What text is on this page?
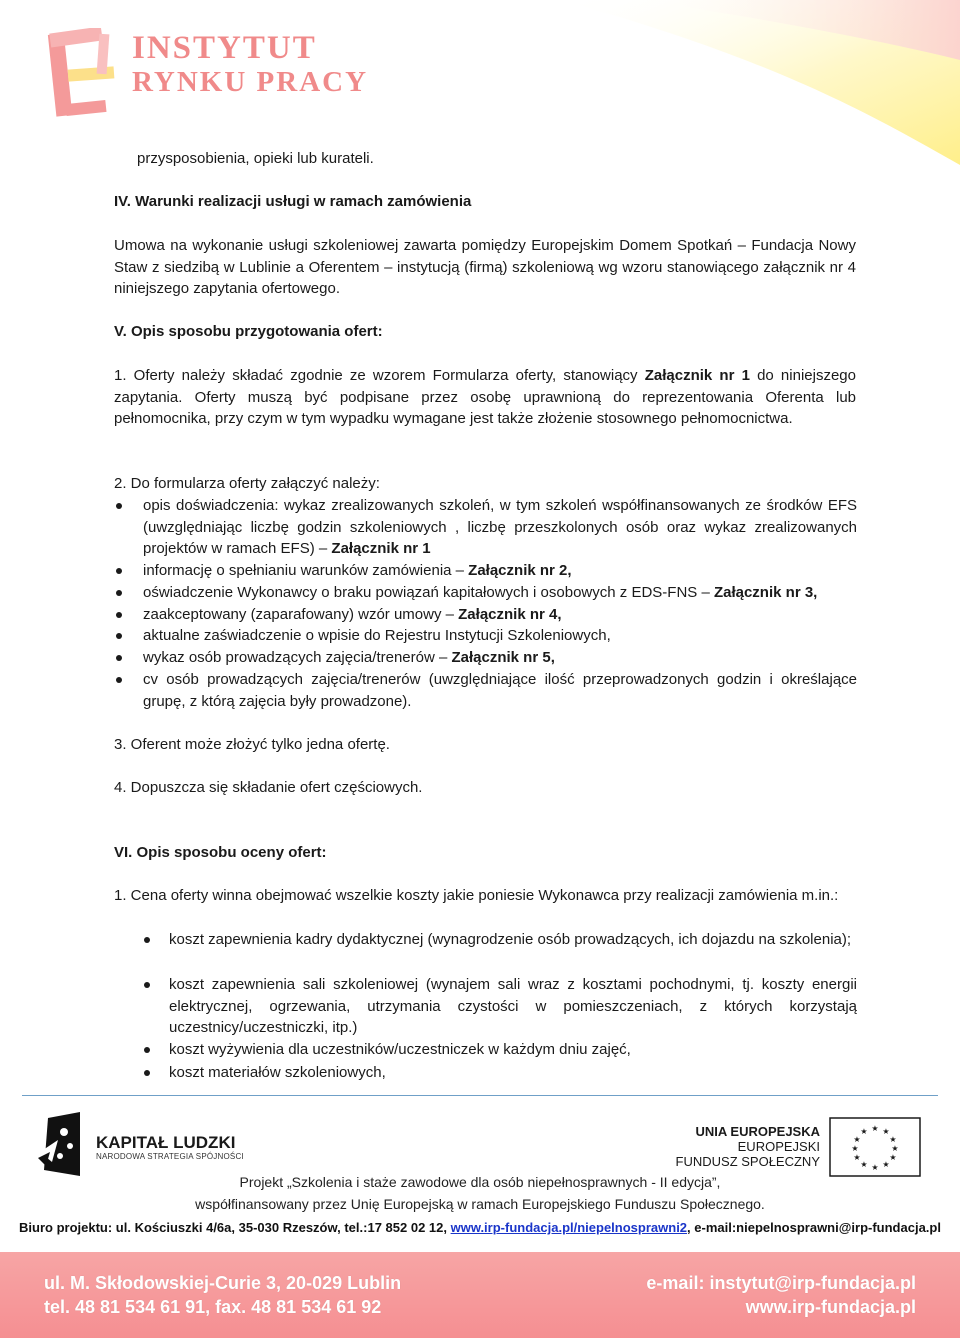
INSTYTUT
RYNKU PRACY
przysposobienia, opieki lub kurateli.
IV. Warunki realizacji usługi w ramach zamówienia
Umowa na wykonanie usługi szkoleniowej zawarta pomiędzy Europejskim Domem Spotkań – Fundacja Nowy Staw z siedzibą w Lublinie a Oferentem – instytucją (firmą) szkoleniową wg wzoru stanowiącego załącznik nr 4 niniejszego zapytania ofertowego.
V. Opis sposobu przygotowania ofert:
1. Oferty należy składać zgodnie ze wzorem Formularza oferty, stanowiący Załącznik nr 1 do niniejszego zapytania. Oferty muszą być podpisane przez osobę uprawnioną do reprezentowania Oferenta lub pełnomocnika, przy czym w tym wypadku wymagane jest także złożenie stosownego pełnomocnictwa.
2. Do formularza oferty załączyć należy:
opis doświadczenia: wykaz zrealizowanych szkoleń, w tym szkoleń współfinansowanych ze środków EFS (uwzględniając liczbę godzin szkoleniowych , liczbę przeszkolonych osób oraz wykaz zrealizowanych projektów w ramach EFS) – Załącznik nr 1
informację o spełnianiu warunków zamówienia – Załącznik nr 2,
oświadczenie Wykonawcy o braku powiązań kapitałowych i osobowych z EDS-FNS – Załącznik nr 3,
zaakceptowany (zaparafowany) wzór umowy – Załącznik nr 4,
aktualne zaświadczenie o wpisie do Rejestru Instytucji Szkoleniowych,
wykaz osób prowadzących zajęcia/trenerów – Załącznik nr 5,
cv osób prowadzących zajęcia/trenerów (uwzględniające ilość przeprowadzonych godzin i określające grupę, z którą zajęcia były prowadzone).
3. Oferent może złożyć tylko jedna ofertę.
4. Dopuszcza się składanie ofert częściowych.
VI. Opis sposobu oceny ofert:
1. Cena oferty winna obejmować wszelkie koszty jakie poniesie Wykonawca przy realizacji zamówienia m.in.:
koszt zapewnienia kadry dydaktycznej (wynagrodzenie osób prowadzących, ich dojazdu na szkolenia);
koszt zapewnienia sali szkoleniowej (wynajem sali wraz z kosztami pochodnymi, tj. koszty energii elektrycznej, ogrzewania, utrzymania czystości w pomieszczeniach, z których korzystają uczestnicy/uczestniczki, itp.)
koszt wyżywienia dla uczestników/uczestniczek w każdym dniu zajęć,
koszt materiałów szkoleniowych,
KAPITAŁ LUDZKI
NARODOWA STRATEGIA SPÓJNOŚCI
UNIA EUROPEJSKA
EUROPEJSKI
FUNDUSZ SPOŁECZNY
★ ★
★
★
★
★
★
★
★
★
★
★
Projekt „Szkolenia i staże zawodowe dla osób niepełnosprawnych - II edycja”,
współfinansowany przez Unię Europejską w ramach Europejskiego Funduszu Społecznego.
Biuro projektu: ul. Kościuszki 4/6a, 35-030 Rzeszów, tel.:17 852 02 12, www.irp-fundacja.pl/niepelnosprawni2, e-mail:niepelnosprawni@irp-fundacja.pl
ul. M. Skłodowskiej-Curie 3, 20-029 Lublin
tel. 48 81 534 61 91, fax. 48 81 534 61 92
e-mail: instytut@irp-fundacja.pl
www.irp-fundacja.pl
